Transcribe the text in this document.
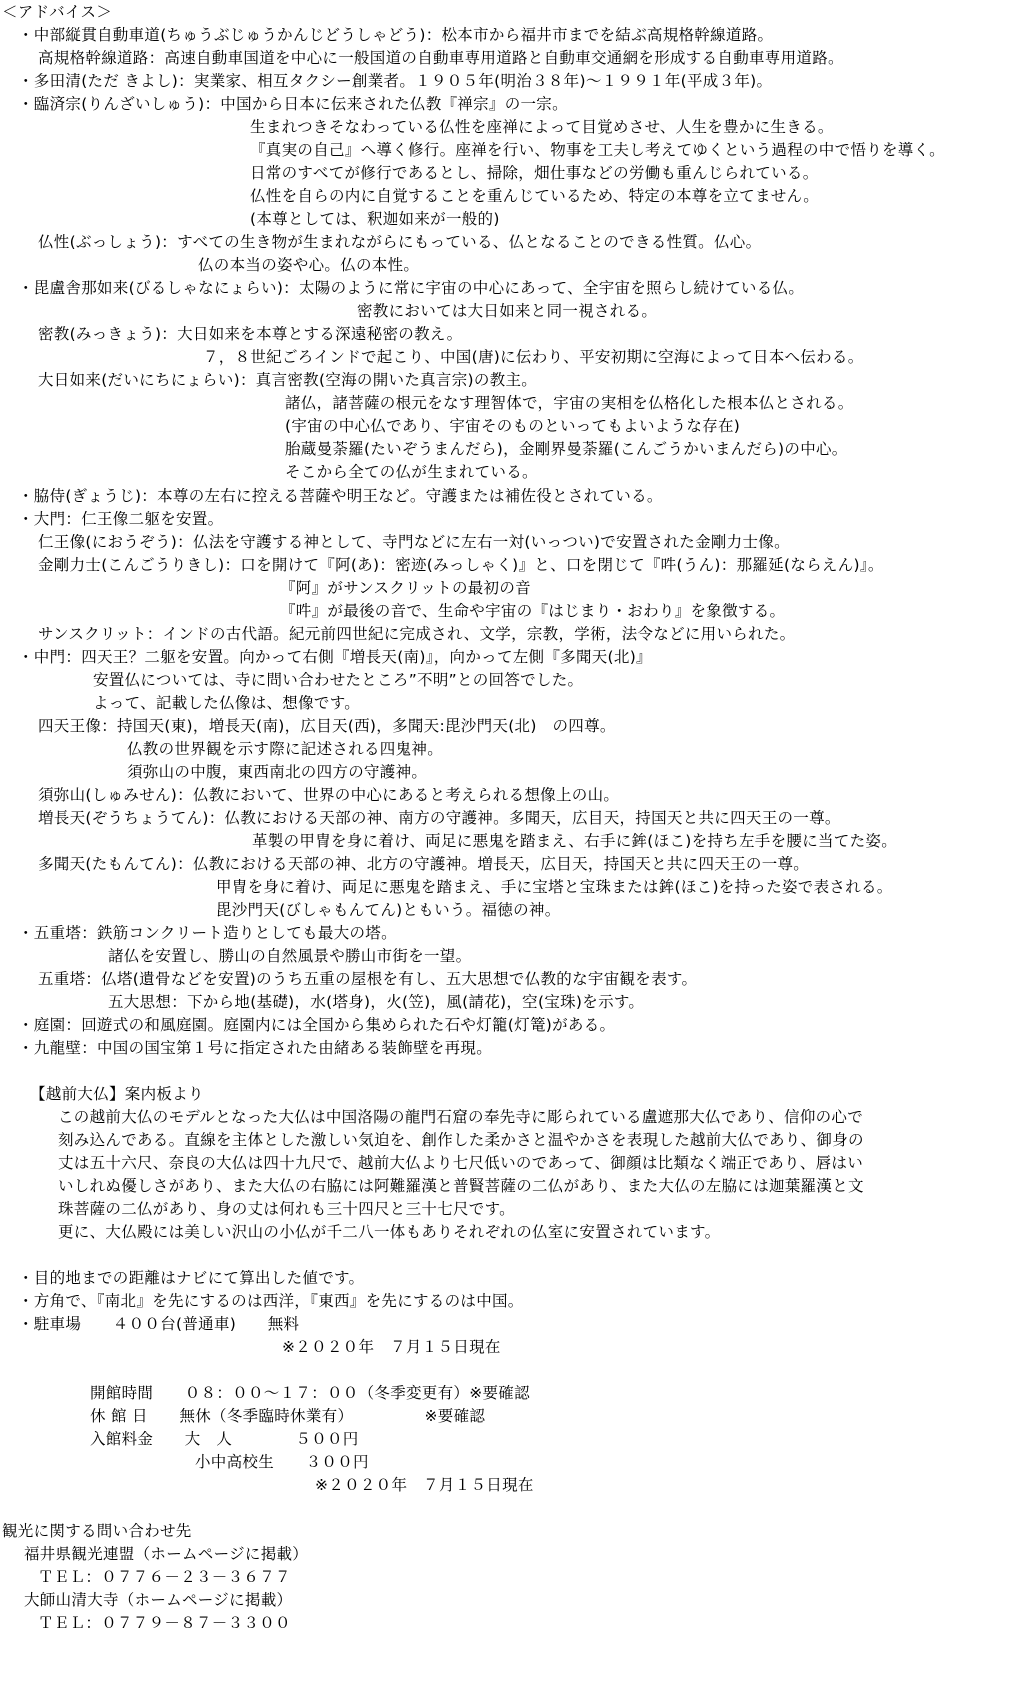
＜アドバイス＞
・中部縦貫自動車道(ちゅうぶじゅうかんじどうしゃどう)：松本市から福井市までを結ぶ高規格幹線道路。
高規格幹線道路：高速自動車国道を中心に一般国道の自動車専用道路と自動車交通網を形成する自動車専用道路。
・多田清(ただ きよし)：実業家、相互タクシー創業者。１９０５年(明治３８年)～１９９１年(平成３年)。
・臨済宗(りんざいしゅう)：中国から日本に伝来された仏教『禅宗』の一宗。
生まれつきそなわっている仏性を座禅によって目覚めさせ、人生を豊かに生きる。
『真実の自己』へ導く修行。座禅を行い、物事を工夫し考えてゆくという過程の中で悟りを導く。
日常のすべてが修行であるとし、掃除，畑仕事などの労働も重んじられている。
仏性を自らの内に自覚することを重んじているため、特定の本尊を立てません。
(本尊としては、釈迦如来が一般的)
仏性(ぶっしょう)：すべての生き物が生まれながらにもっている、仏となることのできる性質。仏心。
仏の本当の姿や心。仏の本性。
・毘盧舎那如来(びるしゃなにょらい)：太陽のように常に宇宙の中心にあって、全宇宙を照らし続けている仏。
密教においては大日如来と同一視される。
密教(みっきょう)：大日如来を本尊とする深遠秘密の教え。
７，８世紀ごろインドで起こり、中国(唐)に伝わり、平安初期に空海によって日本へ伝わる。
大日如来(だいにちにょらい)：真言密教(空海の開いた真言宗)の教主。
諸仏，諸菩薩の根元をなす理智体で，宇宙の実相を仏格化した根本仏とされる。
(宇宙の中心仏であり、宇宙そのものといってもよいような存在)
胎蔵曼荼羅(たいぞうまんだら)，金剛界曼荼羅(こんごうかいまんだら)の中心。
そこから全ての仏が生まれている。
・脇侍(ぎょうじ)：本尊の左右に控える菩薩や明王など。守護または補佐役とされている。
・大門：仁王像二躯を安置。
仁王像(におうぞう)：仏法を守護する神として、寺門などに左右一対(いっつい)で安置された金剛力士像。
金剛力士(こんごうりきし)：口を開けて『阿(あ)：密迹(みっしゃく)』と、口を閉じて『吽(うん)：那羅延(ならえん)』。
『阿』がサンスクリットの最初の音
『吽』が最後の音で、生命や宇宙の『はじまり・おわり』を象徴する。
サンスクリット：インドの古代語。紀元前四世紀に完成され、文学，宗教，学術，法令などに用いられた。
・中門：四天王？二躯を安置。向かって右側『増長天(南)』，向かって左側『多聞天(北)』
安置仏については、寺に問い合わせたところ”不明”との回答でした。
よって、記載した仏像は、想像です。
四天王像：持国天(東)，増長天(南)，広目天(西)，多聞天:毘沙門天(北)　の四尊。
仏教の世界観を示す際に記述される四鬼神。
須弥山の中腹，東西南北の四方の守護神。
須弥山(しゅみせん)：仏教において、世界の中心にあると考えられる想像上の山。
増長天(ぞうちょうてん)：仏教における天部の神、南方の守護神。多聞天，広目天，持国天と共に四天王の一尊。
革製の甲冑を身に着け、両足に悪鬼を踏まえ、右手に鉾(ほこ)を持ち左手を腰に当てた姿。
多聞天(たもんてん)：仏教における天部の神、北方の守護神。増長天，広目天，持国天と共に四天王の一尊。
甲冑を身に着け、両足に悪鬼を踏まえ、手に宝塔と宝珠または鉾(ほこ)を持った姿で表される。
毘沙門天(びしゃもんてん)ともいう。福徳の神。
・五重塔：鉄筋コンクリート造りとしても最大の塔。
諸仏を安置し、勝山の自然風景や勝山市街を一望。
五重塔：仏塔(遺骨などを安置)のうち五重の屋根を有し、五大思想で仏教的な宇宙観を表す。
五大思想：下から地(基礎)，水(塔身)，火(笠)，風(請花)，空(宝珠)を示す。
・庭園：回遊式の和風庭園。庭園内には全国から集められた石や灯籠(灯篭)がある。
・九龍壁：中国の国宝第１号に指定された由緒ある装飾壁を再現。
【越前大仏】案内板より
この越前大仏のモデルとなった大仏は中国洛陽の龍門石窟の奉先寺に彫られている盧遮那大仏であり、信仰の心で
刻み込んである。直線を主体とした激しい気迫を、創作した柔かさと温やかさを表現した越前大仏であり、御身の
丈は五十六尺、奈良の大仏は四十九尺で、越前大仏より七尺低いのであって、御顔は比類なく端正であり、唇はい
いしれぬ優しさがあり、また大仏の右脇には阿難羅漢と普賢菩薩の二仏があり、また大仏の左脇には迦葉羅漢と文
珠菩薩の二仏があり、身の丈は何れも三十四尺と三十七尺です。
更に、大仏殿には美しい沢山の小仏が千二八一体もありそれぞれの仏室に安置されています。
・目的地までの距離はナビにて算出した値です。
・方角で、『南北』を先にするのは西洋，『東西』を先にするのは中国。
・駐車場　　４００台(普通車)　　無料
※２０２０年　７月１５日現在
開館時間　　０８：００～１７：００（冬季変更有）※要確認
休 館 日　　無休（冬季臨時休業有）　　　　　※要確認
入館料金　　大　人　　　　５００円
小中高校生　　３００円
※２０２０年　７月１５日現在
観光に関する問い合わせ先
福井県観光連盟（ホームページに掲載）
ＴＥＬ：０７７６－２３－３６７７
大師山清大寺（ホームページに掲載）
ＴＥＬ：０７７９－８７－３３００
